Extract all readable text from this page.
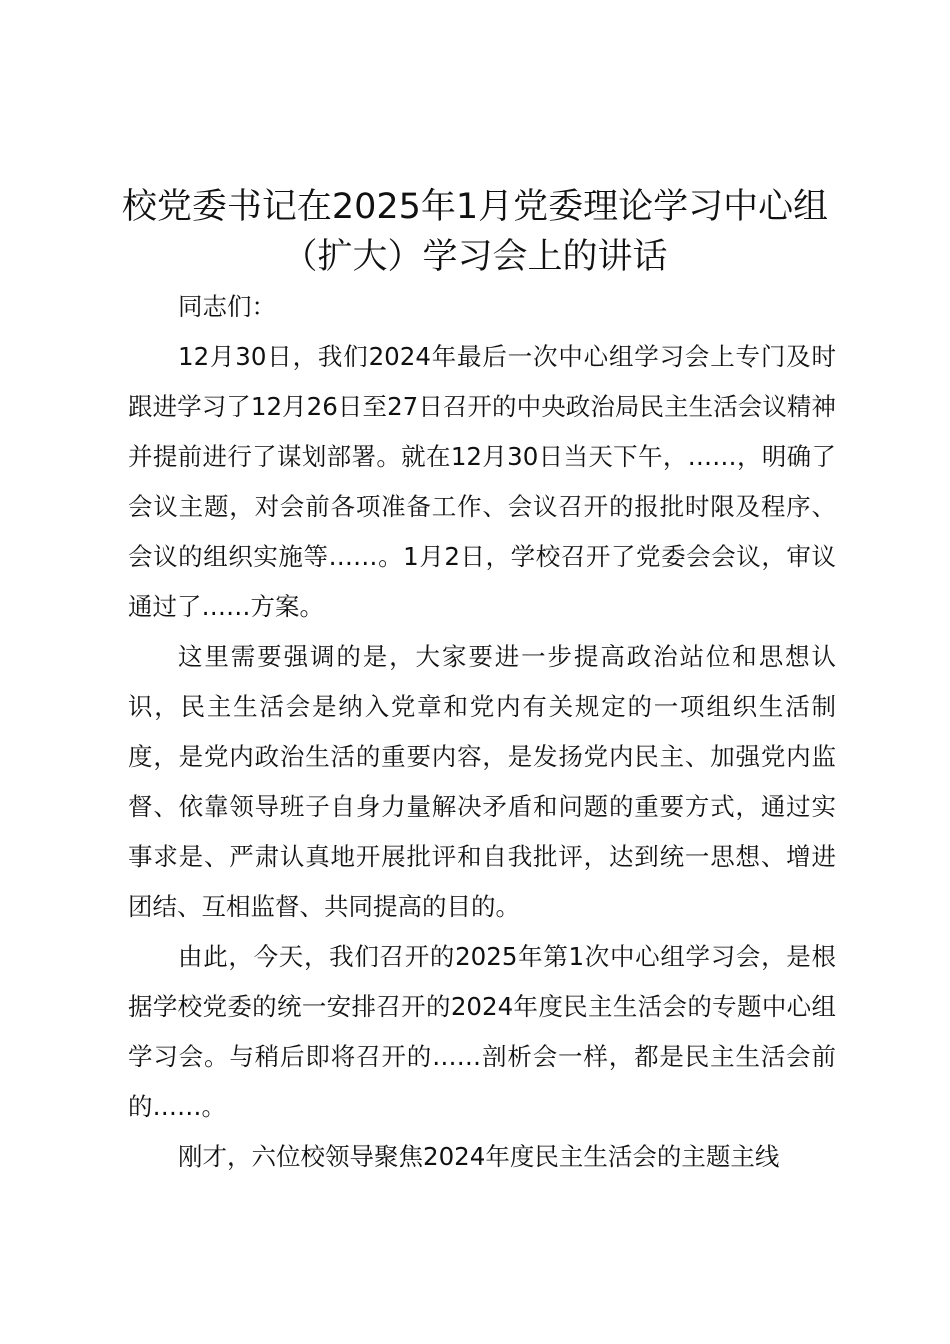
校党委书记在2025年1月党委理论学习中心组（扩大）学习会上的讲话

同志们：

12月30日，我们2024年最后一次中心组学习会上专门及时跟进学习了12月26日至27日召开的中央政治局民主生活会议精神并提前进行了谋划部署。就在12月30日当天下午，……，明确了会议主题，对会前各项准备工作、会议召开的报批时限及程序、会议的组织实施等……。1月2日，学校召开了党委会会议，审议通过了……方案。

这里需要强调的是，大家要进一步提高政治站位和思想认识，民主生活会是纳入党章和党内有关规定的一项组织生活制度，是党内政治生活的重要内容，是发扬党内民主、加强党内监督、依靠领导班子自身力量解决矛盾和问题的重要方式，通过实事求是、严肃认真地开展批评和自我批评，达到统一思想、增进团结、互相监督、共同提高的目的。

由此，今天，我们召开的2025年第1次中心组学习会，是根据学校党委的统一安排召开的2024年度民主生活会的专题中心组学习会。与稍后即将召开的……剖析会一样，都是民主生活会前的……。

刚才，六位校领导聚焦2024年度民主生活会的主题主线
